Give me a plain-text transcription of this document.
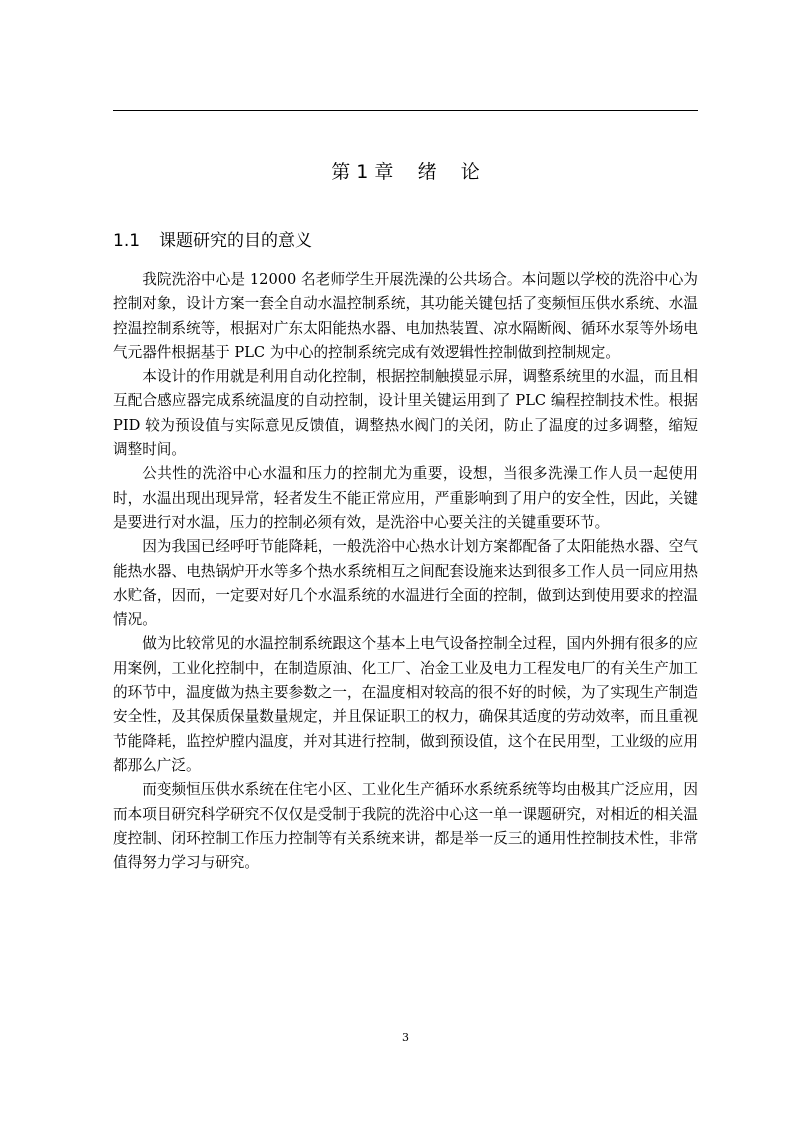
第 1 章    绪    论
1.1 课题研究的目的意义

我院洗浴中心是 12000 名老师学生开展洗澡的公共场合。本问题以学校的洗浴中心为控制对象，设计方案一套全自动水温控制系统，其功能关键包括了变频恒压供水系统、水温控温控制系统等，根据对广东太阳能热水器、电加热装置、凉水隔断阀、循环水泵等外场电气元器件根据基于 PLC 为中心的控制系统完成有效逻辑性控制做到控制规定。

本设计的作用就是利用自动化控制，根据控制触摸显示屏，调整系统里的水温，而且相互配合感应器完成系统温度的自动控制，设计里关键运用到了 PLC 编程控制技术性。根据 PID 较为预设值与实际意见反馈值，调整热水阀门的关闭，防止了温度的过多调整，缩短调整时间。

公共性的洗浴中心水温和压力的控制尤为重要，设想，当很多洗澡工作人员一起使用时，水温出现出现异常，轻者发生不能正常应用，严重影响到了用户的安全性，因此，关键是要进行对水温，压力的控制必须有效，是洗浴中心要关注的关键重要环节。

因为我国已经呼吁节能降耗，一般洗浴中心热水计划方案都配备了太阳能热水器、空气能热水器、电热锅炉开水等多个热水系统相互之间配套设施来达到很多工作人员一同应用热水贮备，因而，一定要对好几个水温系统的水温进行全面的控制，做到达到使用要求的控温情况。

做为比较常见的水温控制系统跟这个基本上电气设备控制全过程，国内外拥有很多的应用案例，工业化控制中，在制造原油、化工厂、冶金工业及电力工程发电厂的有关生产加工的环节中，温度做为热主要参数之一，在温度相对较高的很不好的时候，为了实现生产制造安全性，及其保质保量数量规定，并且保证职工的权力，确保其适度的劳动效率，而且重视节能降耗，监控炉膛内温度，并对其进行控制，做到预设值，这个在民用型，工业级的应用都那么广泛。

而变频恒压供水系统在住宅小区、工业化生产循环水系统系统等均由极其广泛应用，因而本项目研究科学研究不仅仅是受制于我院的洗浴中心这一单一课题研究，对相近的相关温度控制、闭环控制工作压力控制等有关系统来讲，都是举一反三的通用性控制技术性，非常值得努力学习与研究。

3
